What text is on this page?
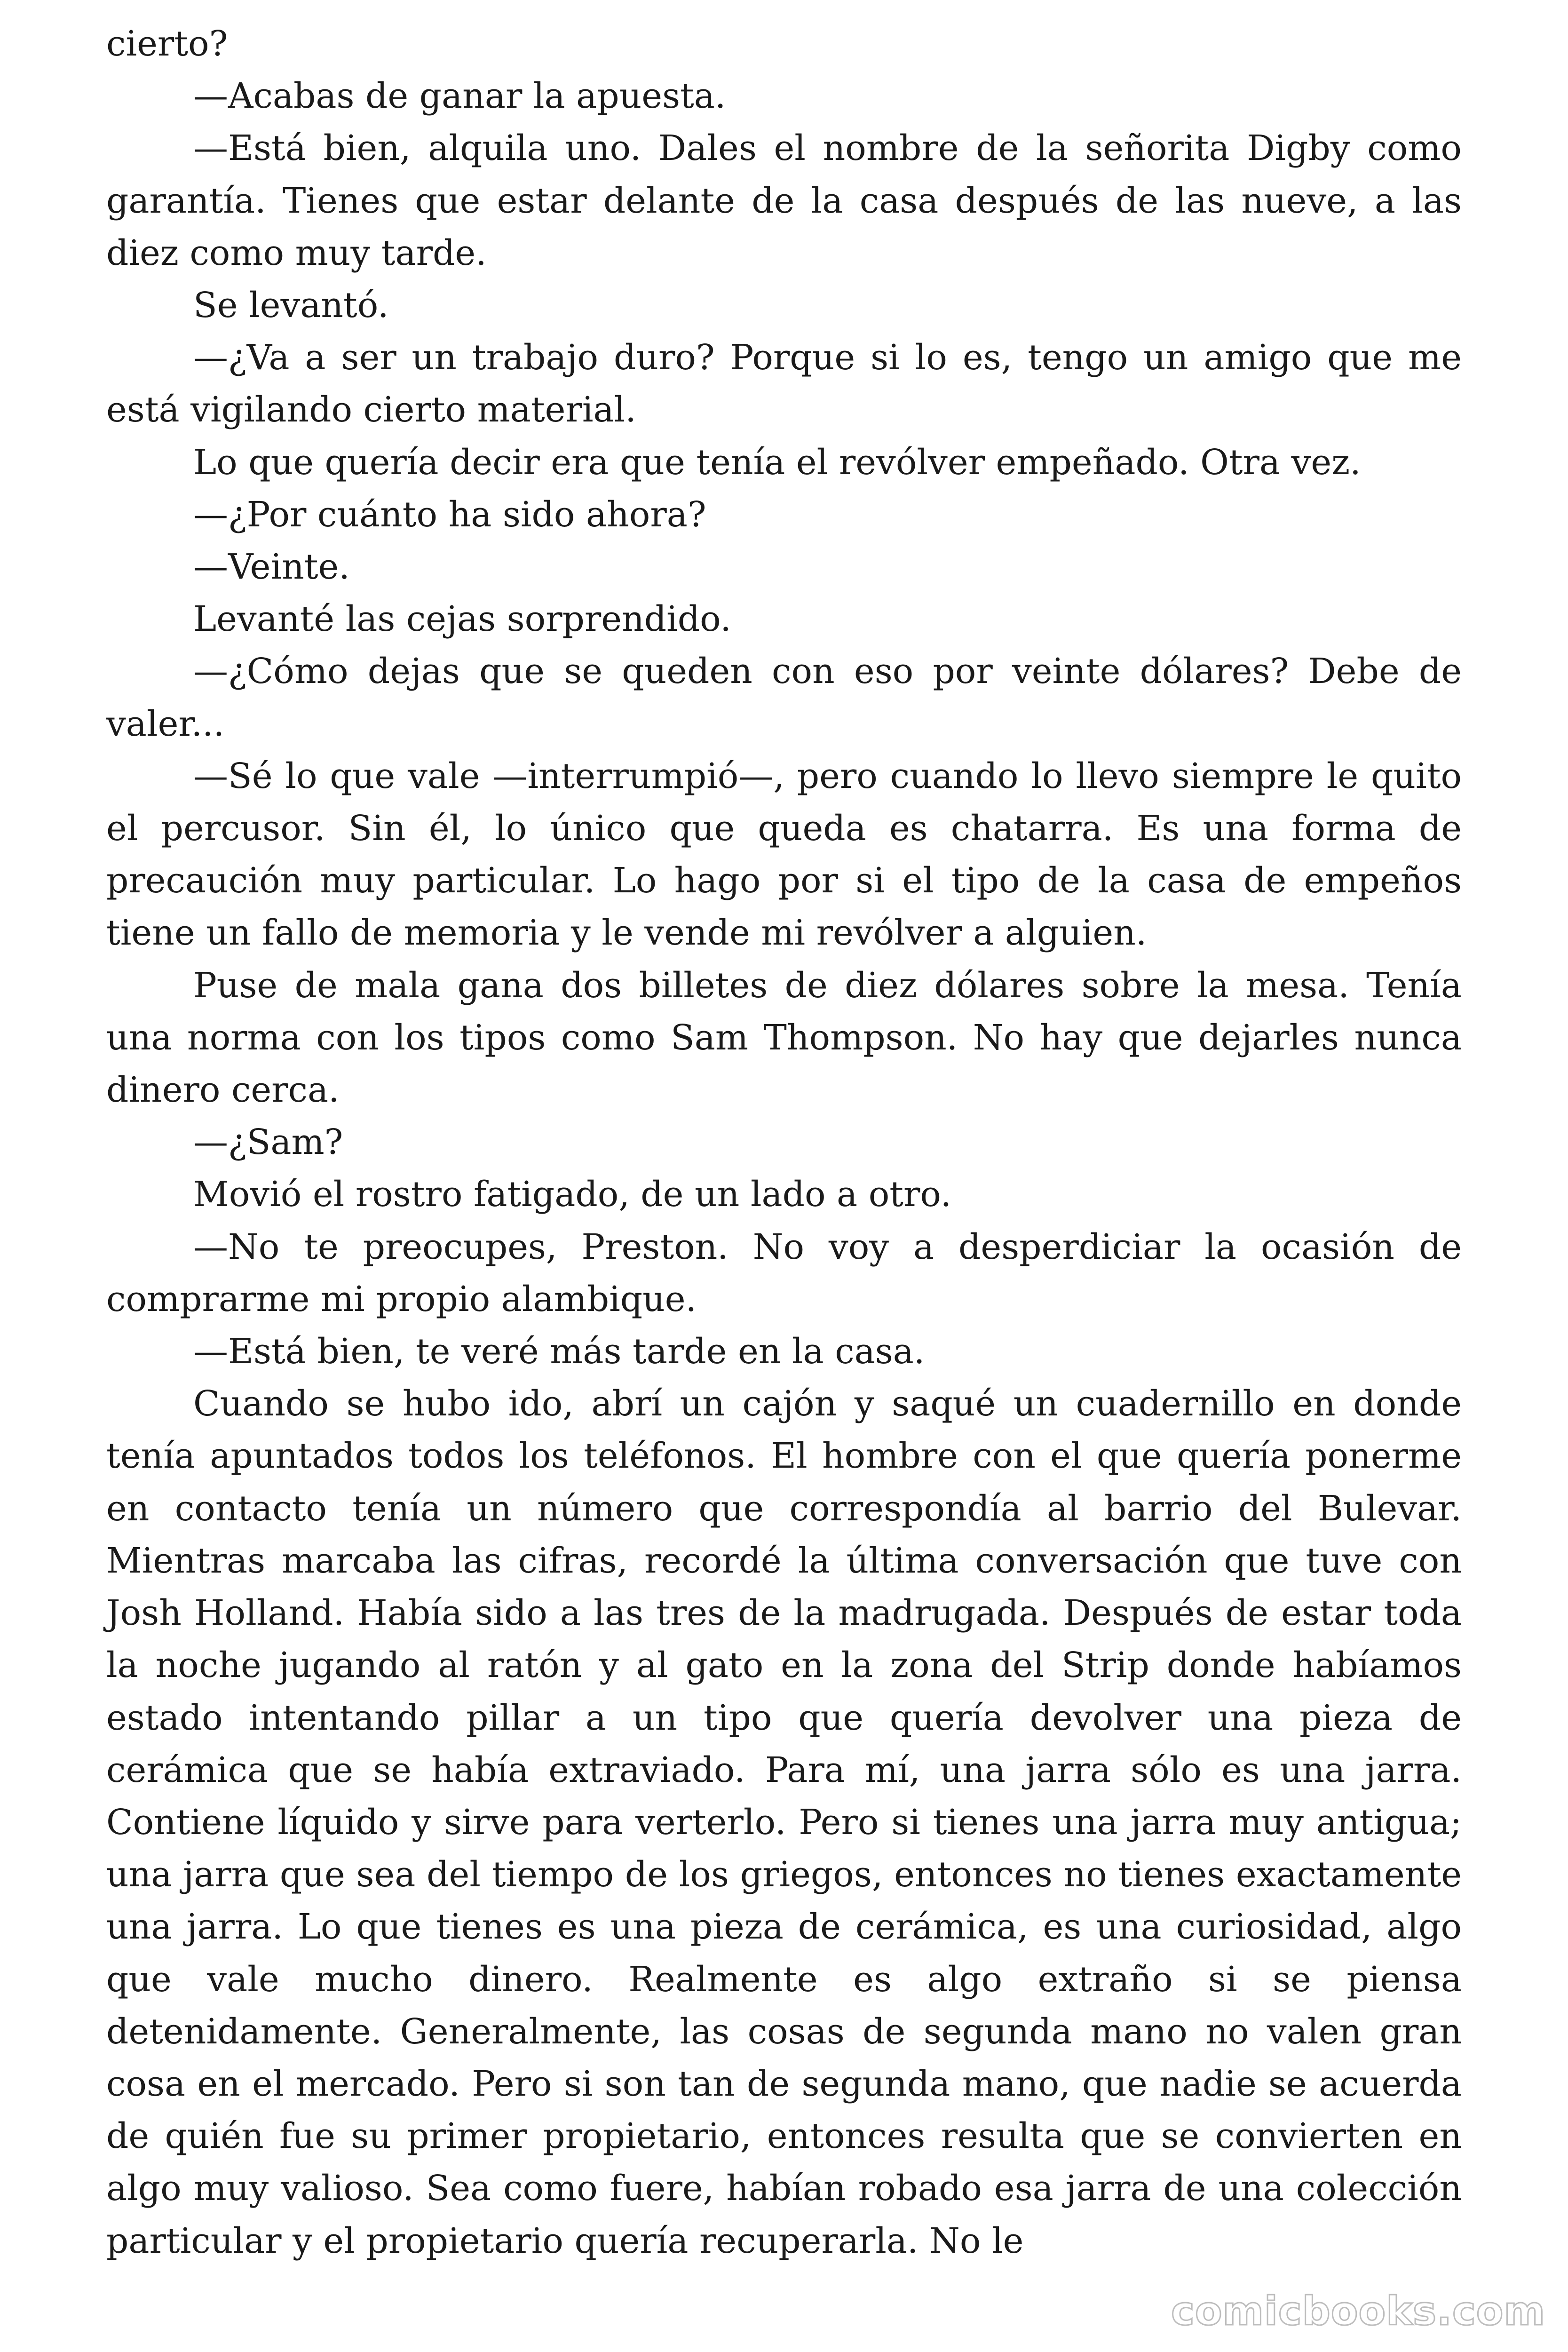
cierto?

—Acabas de ganar la apuesta.

—Está bien, alquila uno. Dales el nombre de la señorita Digby como garantía. Tienes que estar delante de la casa después de las nueve, a las diez como muy tarde.

Se levantó.

—¿Va a ser un trabajo duro? Porque si lo es, tengo un amigo que me está vigilando cierto material.

Lo que quería decir era que tenía el revólver empeñado. Otra vez.

—¿Por cuánto ha sido ahora?

—Veinte.

Levanté las cejas sorprendido.

—¿Cómo dejas que se queden con eso por veinte dólares? Debe de valer...

—Sé lo que vale —interrumpió—, pero cuando lo llevo siempre le quito el percusor. Sin él, lo único que queda es chatarra. Es una forma de precaución muy particular. Lo hago por si el tipo de la casa de empeños tiene un fallo de memoria y le vende mi revólver a alguien.

Puse de mala gana dos billetes de diez dólares sobre la mesa. Tenía una norma con los tipos como Sam Thompson. No hay que dejarles nunca dinero cerca.

—¿Sam?

Movió el rostro fatigado, de un lado a otro.

—No te preocupes, Preston. No voy a desperdiciar la ocasión de comprarme mi propio alambique.

—Está bien, te veré más tarde en la casa.

Cuando se hubo ido, abrí un cajón y saqué un cuadernillo en donde tenía apuntados todos los teléfonos. El hombre con el que quería ponerme en contacto tenía un número que correspondía al barrio del Bulevar. Mientras marcaba las cifras, recordé la última conversación que tuve con Josh Holland. Había sido a las tres de la madrugada. Después de estar toda la noche jugando al ratón y al gato en la zona del Strip donde habíamos estado intentando pillar a un tipo que quería devolver una pieza de cerámica que se había extraviado. Para mí, una jarra sólo es una jarra. Contiene líquido y sirve para verterlo. Pero si tienes una jarra muy antigua; una jarra que sea del tiempo de los griegos, entonces no tienes exactamente una jarra. Lo que tienes es una pieza de cerámica, es una curiosidad, algo que vale mucho dinero. Realmente es algo extraño si se piensa detenidamente. Generalmente, las cosas de segunda mano no valen gran cosa en el mercado. Pero si son tan de segunda mano, que nadie se acuerda de quién fue su primer propietario, entonces resulta que se convierten en algo muy valioso. Sea como fuere, habían robado esa jarra de una colección particular y el propietario quería recuperarla. No le

comicbooks.com
